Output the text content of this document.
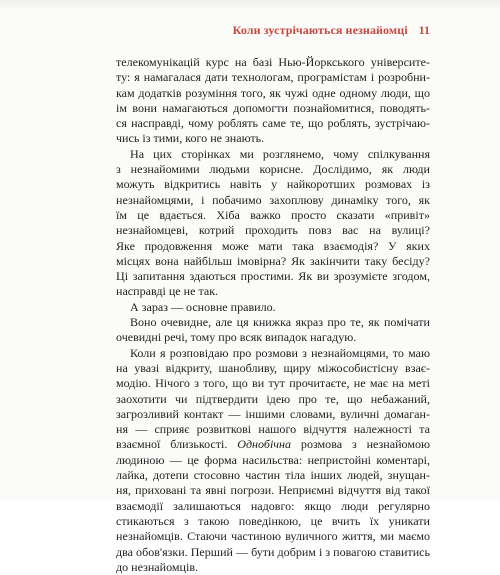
Коли зустрічаються незнайомці 11
телекомунікацій курс на базі Нью-Йоркського університе-
ту: я намагалася дати технологам, програмістам і розробни-
кам додатків розуміння того, як чужі одне одному люди, що
ім вони намагаються допомогти познайомитися, поводять-
ся насправді, чому роблять саме те, що роблять, зустрічаю-
чись із тими, кого не знають.
На цих сторінках ми розглянемо, чому спілкування
з незнайомими людьми корисне. Дослідимо, як люди
можуть відкритись навіть у найкоротших розмовах із
незнайомцями, і побачимо захоплюву динаміку того, як
їм це вдається. Хіба важко просто сказати «привіт»
незнайомцеві, котрий проходить повз вас на вулиці?
Яке продовження може мати така взаємодія? У яких
місцях вона найбільш імовірна? Як закінчити таку бесіду?
Ці запитання здаються простими. Як ви зрозумієте згодом,
насправді це не так.
А зараз — основне правило.
Воно очевидне, але ця книжка якраз про те, як помічати
очевидні речі, тому про всяк випадок нагадую.
Коли я розповідаю про розмови з незнайомцями, то маю
на увазі відкриту, шанобливу, щиру міжособистісну взає-
модію. Нічого з того, що ви тут прочитаєте, не має на меті
заохотити чи підтвердити ідею про те, що небажаний,
загрозливий контакт — іншими словами, вуличні домаган-
ня — сприяє розвиткові нашого відчуття належності та
взаємної близькості. Однобічна розмова з незнайомою
людиною — це форма насильства: непристойні коментарі,
лайка, дотепи стосовно частин тіла інших людей, знущан-
ня, приховані та явні погрози. Неприємні відчуття від такої
взаємодії залишаються надовго: якщо люди регулярно
стикаються з такою поведінкою, це вчить їх уникати
незнайомців. Стаючи частиною вуличного життя, ми маємо
два обов'язки. Перший — бути добрим і з повагою ставитись
до незнайомців.
